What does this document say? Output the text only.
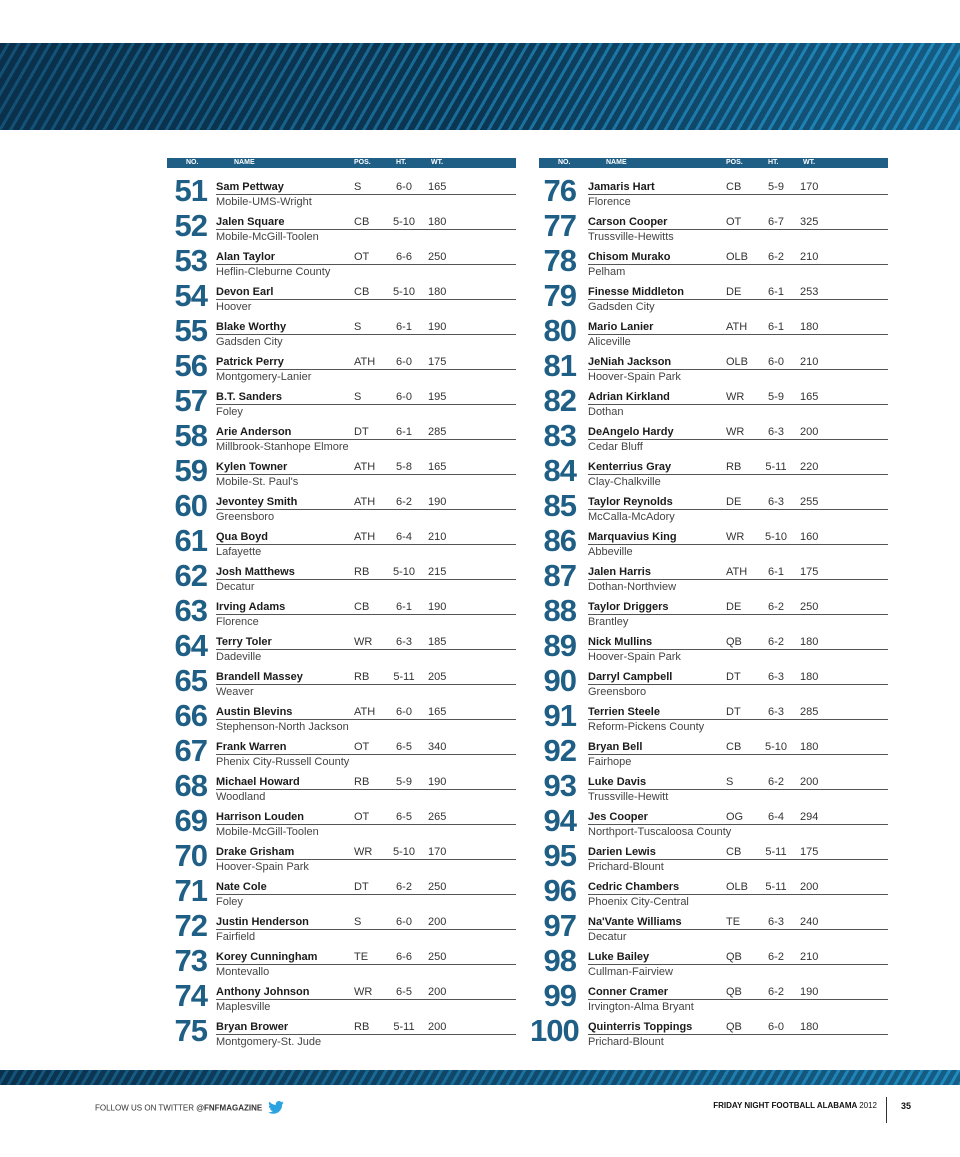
NO.	NAME	POS.	HT.	WT.
51 Sam Pettway	S	6-0	165
Mobile-UMS-Wright
52 Jalen Square	CB	5-10	180
Mobile-McGill-Toolen
53 Alan Taylor	OT	6-6	250
Heflin-Cleburne County
54 Devon Earl	CB	5-10	180
Hoover
55 Blake Worthy	S	6-1	190
Gadsden City
56 Patrick Perry	ATH	6-0	175
Montgomery-Lanier
57 B.T. Sanders	S	6-0	195
Foley
58 Arie Anderson	DT	6-1	285
Millbrook-Stanhope Elmore
59 Kylen Towner	ATH	5-8	165
Mobile-St. Paul's
60 Jevontey Smith	ATH	6-2	190
Greensboro
61 Qua Boyd	ATH	6-4	210
Lafayette
62 Josh Matthews	RB	5-10	215
Decatur
63 Irving Adams	CB	6-1	190
Florence
64 Terry Toler	WR	6-3	185
Dadeville
65 Brandell Massey	RB	5-11	205
Weaver
66 Austin Blevins	ATH	6-0	165
Stephenson-North Jackson
67 Frank Warren	OT	6-5	340
Phenix City-Russell County
68 Michael Howard	RB	5-9	190
Woodland
69 Harrison Louden	OT	6-5	265
Mobile-McGill-Toolen
70 Drake Grisham	WR	5-10	170
Hoover-Spain Park
71 Nate Cole	DT	6-2	250
Foley
72 Justin Henderson	S	6-0	200
Fairfield
73 Korey Cunningham	TE	6-6	250
Montevallo
74 Anthony Johnson	WR	6-5	200
Maplesville
75 Bryan Brower	RB	5-11	200
Montgomery-St. Jude
NO.	NAME	POS.	HT.	WT.
76 Jamaris Hart	CB	5-9	170
Florence
77 Carson Cooper	OT	6-7	325
Trussville-Hewitts
78 Chisom Murako	OLB	6-2	210
Pelham
79 Finesse Middleton	DE	6-1	253
Gadsden City
80 Mario Lanier	ATH	6-1	180
Aliceville
81 JeNiah Jackson	OLB	6-0	210
Hoover-Spain Park
82 Adrian Kirkland	WR	5-9	165
Dothan
83 DeAngelo Hardy	WR	6-3	200
Cedar Bluff
84 Kenterrius Gray	RB	5-11	220
Clay-Chalkville
85 Taylor Reynolds	DE	6-3	255
McCalla-McAdory
86 Marquavius King	WR	5-10	160
Abbeville
87 Jalen Harris	ATH	6-1	175
Dothan-Northview
88 Taylor Driggers	DE	6-2	250
Brantley
89 Nick Mullins	QB	6-2	180
Hoover-Spain Park
90 Darryl Campbell	DT	6-3	180
Greensboro
91 Terrien Steele	DT	6-3	285
Reform-Pickens County
92 Bryan Bell	CB	5-10	180
Fairhope
93 Luke Davis	S	6-2	200
Trussville-Hewitt
94 Jes Cooper	OG	6-4	294
Northport-Tuscaloosa County
95 Darien Lewis	CB	5-11	175
Prichard-Blount
96 Cedric Chambers	OLB	5-11	200
Phoenix City-Central
97 Na'Vante Williams	TE	6-3	240
Decatur
98 Luke Bailey	QB	6-2	210
Cullman-Fairview
99 Conner Cramer	QB	6-2	190
Irvington-Alma Bryant
100 Quinterris Toppings	QB	6-0	180
Prichard-Blount
FOLLOW US ON TWITTER @FNFMAGAZINE	FRIDAY NIGHT FOOTBALL ALABAMA 2012	35
